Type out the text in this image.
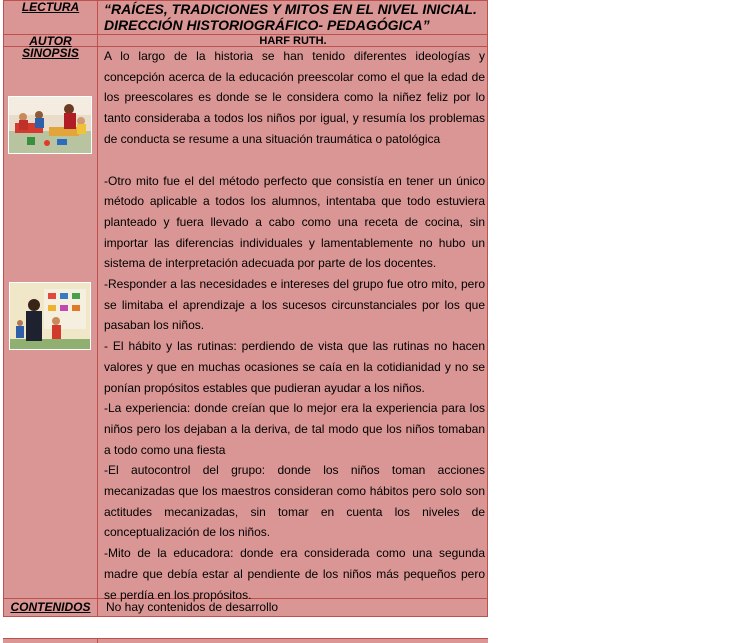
LECTURA
AUTOR
SINOPSIS
CONTENIDOS
“RAÍCES, TRADICIONES Y MITOS EN EL NIVEL INICIAL. DIRECCIÓN HISTORIOGRÁFICO- PEDAGÓGICA”
HARF RUTH.

A lo largo de la historia se han tenido diferentes ideologías y concepción acerca de la educación preescolar como el que la edad de los preescolares es donde se le considera como la niñez feliz por lo tanto consideraba a todos los niños por igual, y resumía los problemas de conducta se resume a una situación traumática o patológica

-Otro mito fue el del método perfecto que consistía en tener un único método aplicable a todos los alumnos, intentaba que todo estuviera planteado y fuera llevado a cabo como una receta de cocina, sin importar las diferencias individuales y lamentablemente no hubo un sistema de interpretación adecuada por parte de los docentes.

-Responder a las necesidades e intereses del grupo fue otro mito, pero se limitaba el aprendizaje a los sucesos circunstanciales por los que pasaban los niños.

- El hábito y las rutinas: perdiendo de vista que las rutinas no hacen valores y que en muchas ocasiones se caía en la cotidianidad y no se ponían propósitos estables que pudieran ayudar a los niños.

-La experiencia: donde creían que lo mejor era la experiencia para los niños pero los dejaban a la deriva, de tal modo que los niños tomaban a todo como una fiesta

-El autocontrol del grupo: donde los niños toman acciones mecanizadas que los maestros consideran como hábitos pero solo son actitudes mecanizadas, sin tomar en cuenta los niveles de conceptualización de los niños.

-Mito de la educadora: donde era considerada como una segunda madre que debía estar al pendiente de los niños más pequeños pero se perdía en los propósitos.

No hay contenidos de desarrollo
